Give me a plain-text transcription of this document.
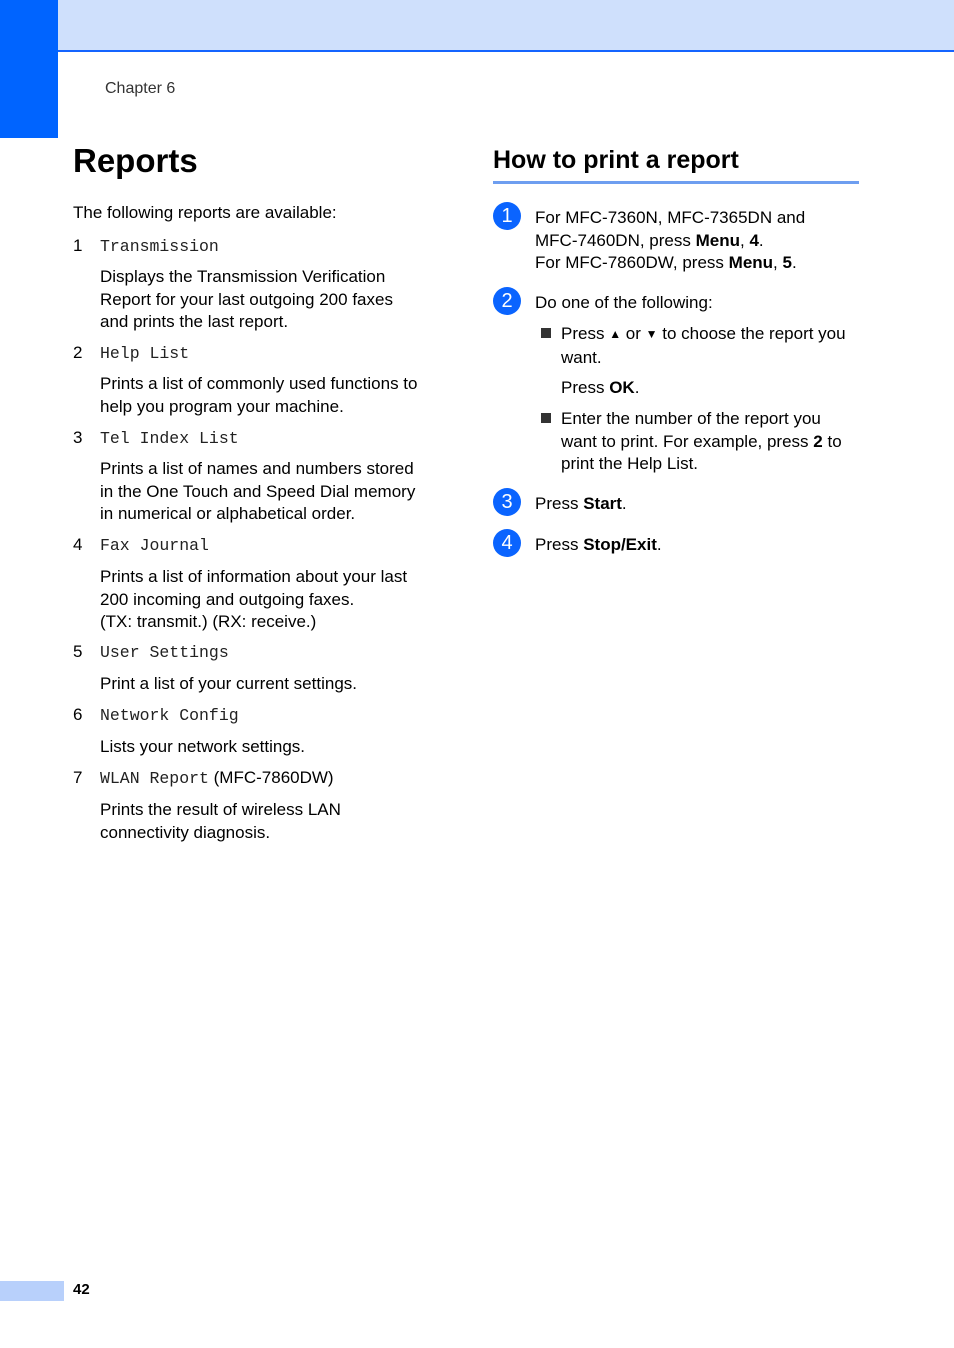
Chapter 6
Reports
The following reports are available:
1 Transmission
Displays the Transmission Verification
Report for your last outgoing 200 faxes
and prints the last report.
2 Help List
Prints a list of commonly used functions to
help you program your machine.
3 Tel Index List
Prints a list of names and numbers stored
in the One Touch and Speed Dial memory
in numerical or alphabetical order.
4 Fax Journal
Prints a list of information about your last
200 incoming and outgoing faxes.
(TX: transmit.) (RX: receive.)
5 User Settings
Print a list of your current settings.
6 Network Config
Lists your network settings.
7 WLAN Report (MFC-7860DW)
Prints the result of wireless LAN
connectivity diagnosis.
How to print a report
1	For MFC-7360N, MFC-7365DN and
MFC-7460DN, press Menu, 4.
For MFC-7860DW, press Menu, 5.
2	Do one of the following:
Press ▲ or ▼ to choose the report you
want.
Press OK.
Enter the number of the report you
want to print. For example, press 2 to
print the Help List.
3	Press Start.
4	Press Stop/Exit.
42
